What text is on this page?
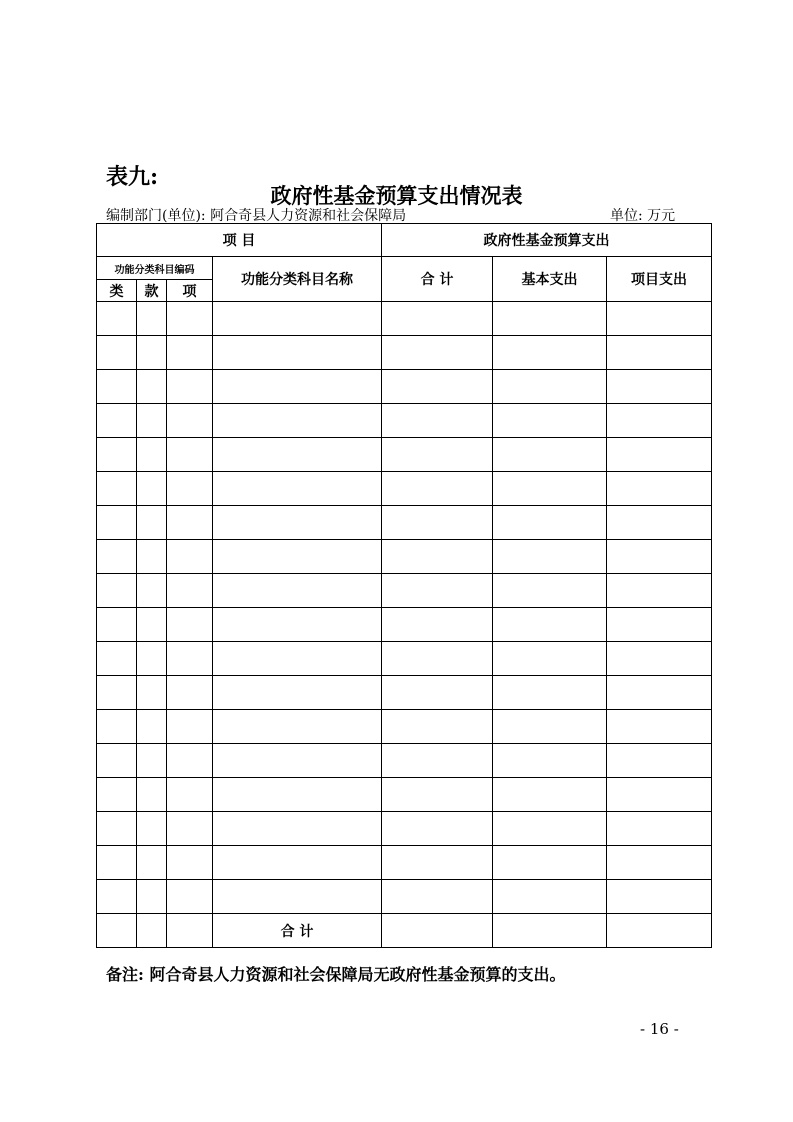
表九:
政府性基金预算支出情况表
编制部门(单位): 阿合奇县人力资源和社会保障局	单位: 万元
项 目				政府性基金预算支出		
功能分类科目编码			功能分类科目名称	合 计	基本支出	项目支出
类	款	项				

			合 计			
备注: 阿合奇县人力资源和社会保障局无政府性基金预算的支出。
- 16 -
